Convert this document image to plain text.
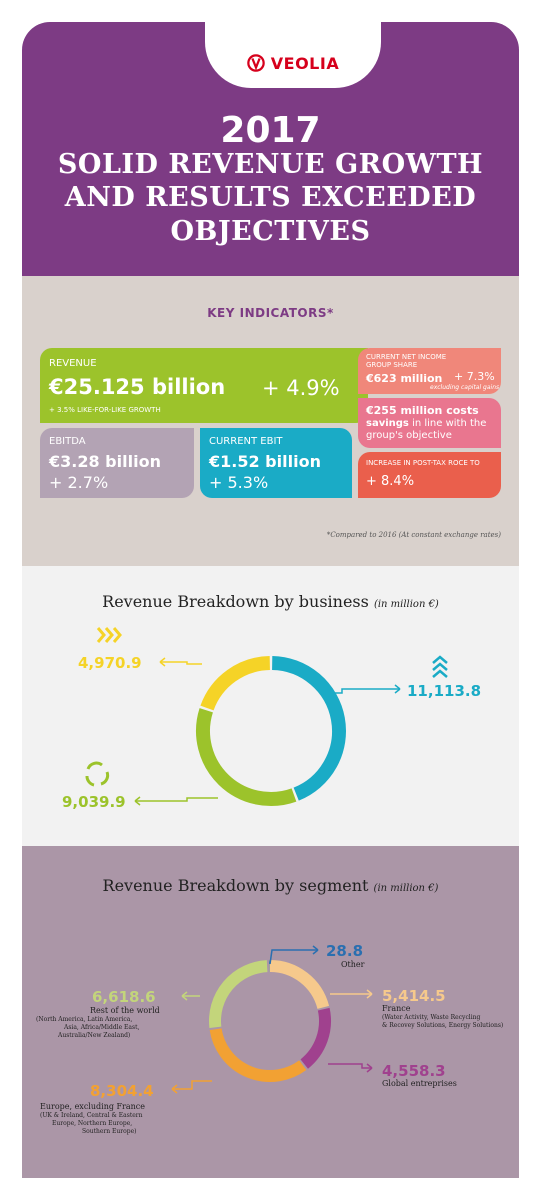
VEOLIA
2017
SOLID REVENUE GROWTH
AND RESULTS EXCEEDED
OBJECTIVES
KEY INDICATORS*
REVENUE
€25.125 billion + 4.9%
+ 3.5% LIKE-FOR-LIKE GROWTH
EBITDA
€3.28 billion
+ 2.7%
CURRENT EBIT
€1.52 billion
+ 5.3%
CURRENT NET INCOME
GROUP SHARE
€623 million + 7.3%
excluding capital gains
€255 million costs
savings in line with the
group's objective
INCREASE IN POST-TAX ROCE TO
+ 8.4%
*Compared to 2016 (At constant exchange rates)
Revenue Breakdown by business (in million €)
11,113.8
4,970.9
9,039.9
Revenue Breakdown by segment (in million €)
28.8
Other
5,414.5
France
(Water Activity, Waste Recycling
& Recovey Solutions, Energy Solutions)
4,558.3
Global entreprises
8,304.4
Europe, excluding France
(UK & Ireland, Central & Eastern
Europe, Northern Europe,
Southern Europe)
6,618.6
Rest of the world
(North America, Latin America,
Asia, Africa/Middle East,
Australia/New Zealand)
